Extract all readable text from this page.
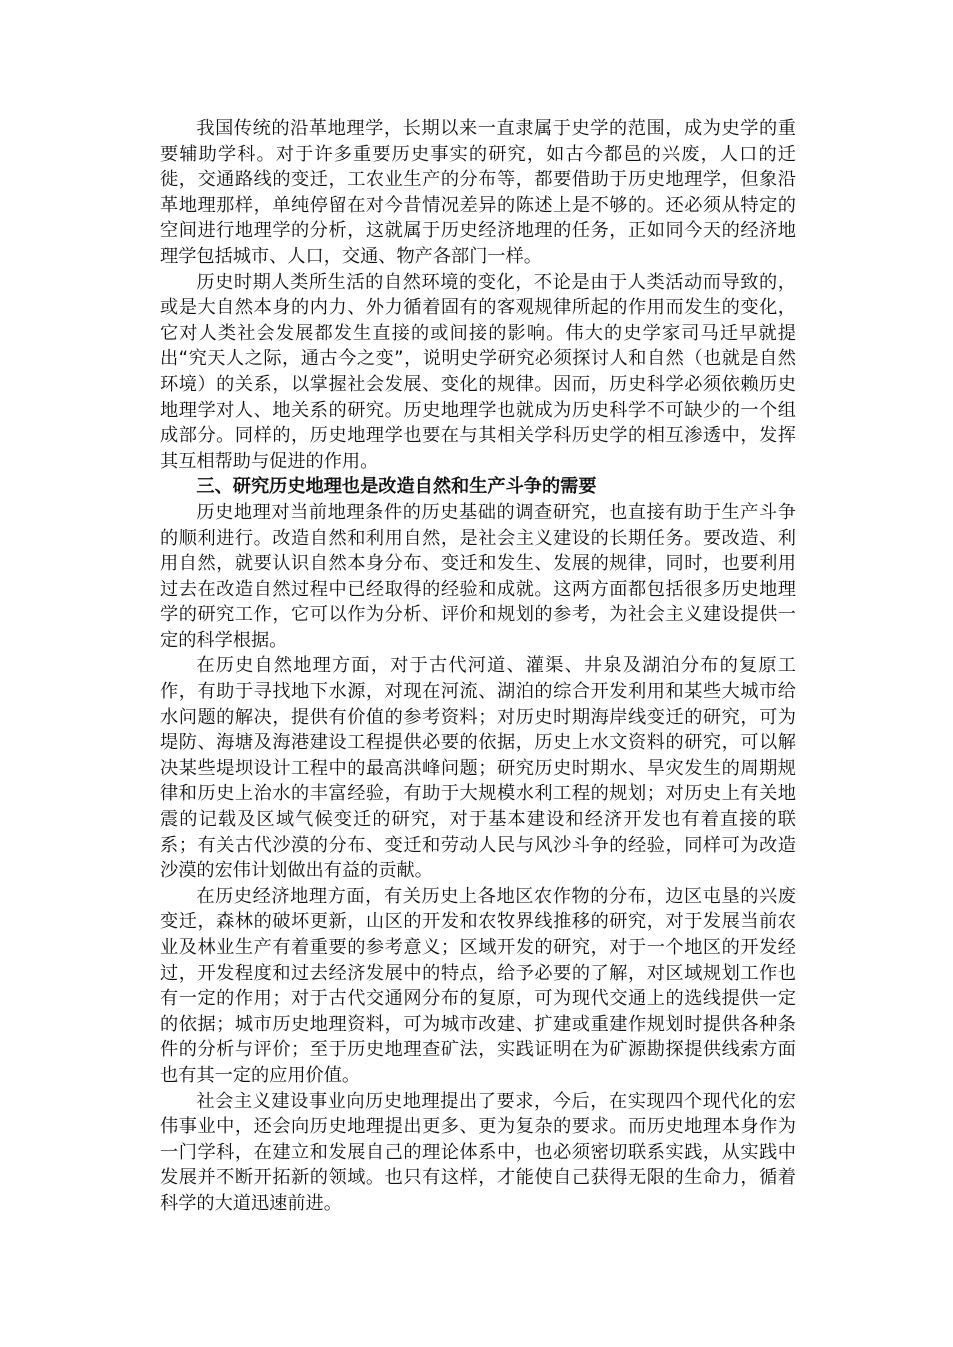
我国传统的沿革地理学，长期以来一直隶属于史学的范围，成为史学的重要辅助学科。对于许多重要历史事实的研究，如古今都邑的兴废，人口的迁徙，交通路线的变迁，工农业生产的分布等，都要借助于历史地理学，但象沿革地理那样，单纯停留在对今昔情况差异的陈述上是不够的。还必须从特定的空间进行地理学的分析，这就属于历史经济地理的任务，正如同今天的经济地理学包括城市、人口，交通、物产各部门一样。

历史时期人类所生活的自然环境的变化，不论是由于人类活动而导致的，或是大自然本身的内力、外力循着固有的客观规律所起的作用而发生的变化，它对人类社会发展都发生直接的或间接的影响。伟大的史学家司马迁早就提出“究天人之际，通古今之变”，说明史学研究必须探讨人和自然（也就是自然环境）的关系，以掌握社会发展、变化的规律。因而，历史科学必须依赖历史地理学对人、地关系的研究。历史地理学也就成为历史科学不可缺少的一个组成部分。同样的，历史地理学也要在与其相关学科历史学的相互渗透中，发挥其互相帮助与促进的作用。

三、研究历史地理也是改造自然和生产斗争的需要

历史地理对当前地理条件的历史基础的调查研究，也直接有助于生产斗争的顺利进行。改造自然和利用自然，是社会主义建设的长期任务。要改造、利用自然，就要认识自然本身分布、变迁和发生、发展的规律，同时，也要利用过去在改造自然过程中已经取得的经验和成就。这两方面都包括很多历史地理学的研究工作，它可以作为分析、评价和规划的参考，为社会主义建设提供一定的科学根据。

在历史自然地理方面，对于古代河道、灌渠、井泉及湖泊分布的复原工作，有助于寻找地下水源，对现在河流、湖泊的综合开发利用和某些大城市给水问题的解决，提供有价值的参考资料；对历史时期海岸线变迁的研究，可为堤防、海塘及海港建设工程提供必要的依据，历史上水文资料的研究，可以解决某些堤坝设计工程中的最高洪峰问题；研究历史时期水、旱灾发生的周期规律和历史上治水的丰富经验，有助于大规模水利工程的规划；对历史上有关地震的记载及区域气候变迁的研究，对于基本建设和经济开发也有着直接的联系；有关古代沙漠的分布、变迁和劳动人民与风沙斗争的经验，同样可为改造沙漠的宏伟计划做出有益的贡献。

在历史经济地理方面，有关历史上各地区农作物的分布，边区屯垦的兴废变迁，森林的破坏更新，山区的开发和农牧界线推移的研究，对于发展当前农业及林业生产有着重要的参考意义；区域开发的研究，对于一个地区的开发经过，开发程度和过去经济发展中的特点，给予必要的了解，对区域规划工作也有一定的作用；对于古代交通网分布的复原，可为现代交通上的选线提供一定的依据；城市历史地理资料，可为城市改建、扩建或重建作规划时提供各种条件的分析与评价；至于历史地理查矿法，实践证明在为矿源勘探提供线索方面也有其一定的应用价值。

社会主义建设事业向历史地理提出了要求，今后，在实现四个现代化的宏伟事业中，还会向历史地理提出更多、更为复杂的要求。而历史地理本身作为一门学科，在建立和发展自己的理论体系中，也必须密切联系实践，从实践中发展并不断开拓新的领域。也只有这样，才能使自己获得无限的生命力，循着科学的大道迅速前进。
